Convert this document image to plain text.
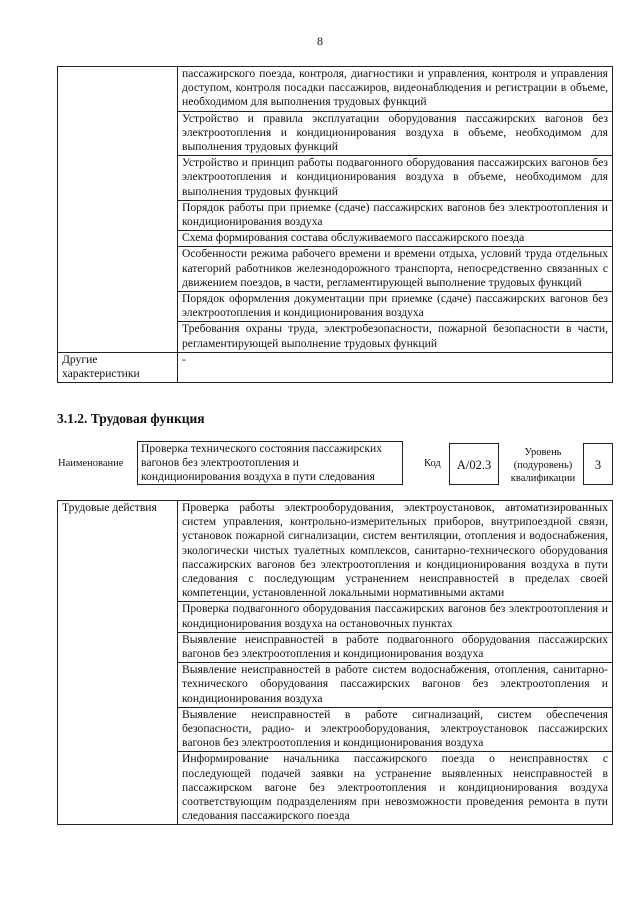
8
	пассажирского поезда, контроля, диагностики и управления, контроля и управления доступом, контроля посадки пассажиров, видеонаблюдения и регистрации в объеме, необходимом для выполнения трудовых функций
	Устройство и правила эксплуатации оборудования пассажирских вагонов без электроотопления и кондиционирования воздуха в объеме, необходимом для выполнения трудовых функций
	Устройство и принцип работы подвагонного оборудования пассажирских вагонов без электроотопления и кондиционирования воздуха в объеме, необходимом для выполнения трудовых функций
	Порядок работы при приемке (сдаче) пассажирских вагонов без электроотопления и кондиционирования воздуха
	Схема формирования состава обслуживаемого пассажирского поезда
	Особенности режима рабочего времени и времени отдыха, условий труда отдельных категорий работников железнодорожного транспорта, непосредственно связанных с движением поездов, в части, регламентирующей выполнение трудовых функций
	Порядок оформления документации при приемке (сдаче) пассажирских вагонов без электроотопления и кондиционирования воздуха
	Требования охраны труда, электробезопасности, пожарной безопасности в части, регламентирующей выполнение трудовых функций
Другие характеристики	-
3.1.2. Трудовая функция
Наименование
Проверка технического состояния пассажирских вагонов без электроотопления и кондиционирования воздуха в пути следования
Код	A/02.3
Уровень (подуровень) квалификации
3
Трудовые действия	Проверка работы электрооборудования, электроустановок, автоматизированных систем управления, контрольно-измерительных приборов, внутрипоездной связи, установок пожарной сигнализации, систем вентиляции, отопления и водоснабжения, экологически чистых туалетных комплексов, санитарно-технического оборудования пассажирских вагонов без электроотопления и кондиционирования воздуха в пути следования с последующим устранением неисправностей в пределах своей компетенции, установленной локальными нормативными актами
Проверка подвагонного оборудования пассажирских вагонов без электроотопления и кондиционирования воздуха на остановочных пунктах
Выявление неисправностей в работе подвагонного оборудования пассажирских вагонов без электроотопления и кондиционирования воздуха
Выявление неисправностей в работе систем водоснабжения, отопления, санитарно-технического оборудования пассажирских вагонов без электроотопления и кондиционирования воздуха
Выявление неисправностей в работе сигнализаций, систем обеспечения безопасности, радио- и электрооборудования, электроустановок пассажирских вагонов без электроотопления и кондиционирования воздуха
Информирование начальника пассажирского поезда о неисправностях с последующей подачей заявки на устранение выявленных неисправностей в пассажирском вагоне без электроотопления и кондиционирования воздуха соответствующим подразделениям при невозможности проведения ремонта в пути следования пассажирского поезда
